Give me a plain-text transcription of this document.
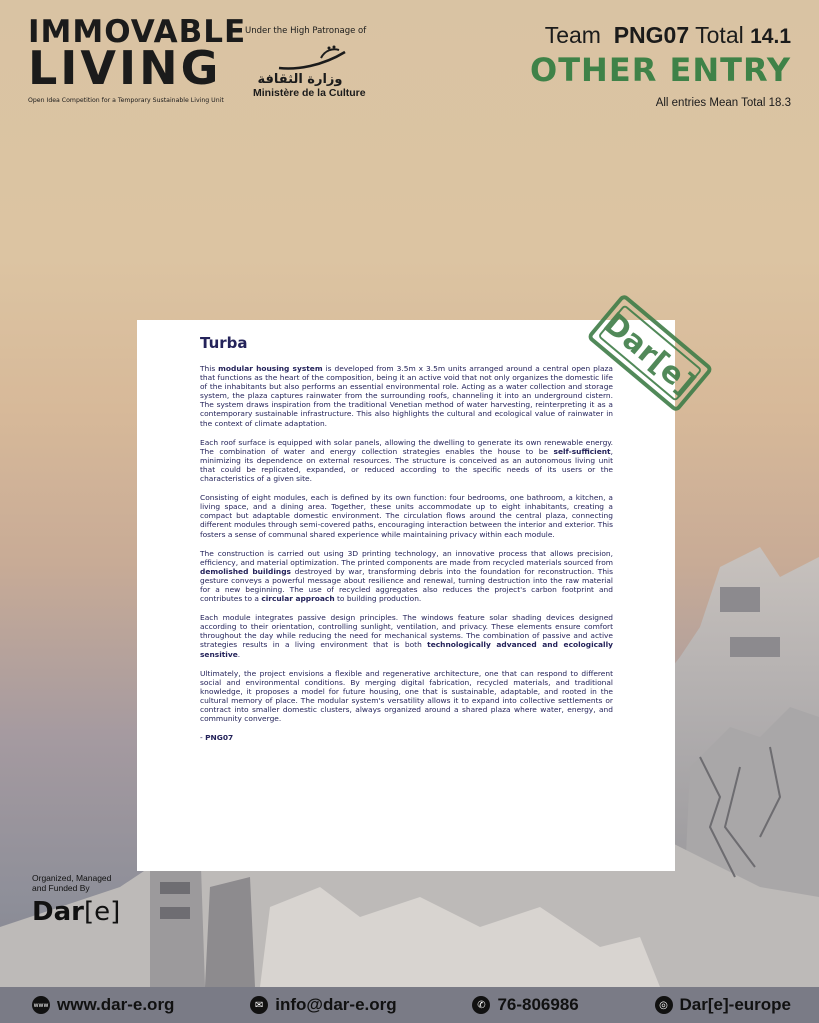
IMMOVABLE
LIVING
Open Idea Competition for a Temporary Sustainable Living Unit
Under the High Patronage of
وزارة الثقافة
Ministère de la Culture
Team PNG07 Total 14.1
OTHER ENTRY
All entries Mean Total 18.3
Turba

This modular housing system is developed from 3.5m x 3.5m units arranged around a central open plaza that functions as the heart of the composition, being it an active void that not only organizes the domestic life of the inhabitants but also performs an essential environmental role. Acting as a water collection and storage system, the plaza captures rainwater from the surrounding roofs, channeling it into an underground cistern. The system draws inspiration from the traditional Venetian method of water harvesting, reinterpreting it as a contemporary sustainable infrastructure. This also highlights the cultural and ecological value of rainwater in the context of climate adaptation.

Each roof surface is equipped with solar panels, allowing the dwelling to generate its own renewable energy. The combination of water and energy collection strategies enables the house to be self-sufficient, minimizing its dependence on external resources. The structure is conceived as an autonomous living unit that could be replicated, expanded, or reduced according to the specific needs of its users or the characteristics of a given site.

Consisting of eight modules, each is defined by its own function: four bedrooms, one bathroom, a kitchen, a living space, and a dining area. Together, these units accommodate up to eight inhabitants, creating a compact but adaptable domestic environment. The circulation flows around the central plaza, connecting different modules through semi-covered paths, encouraging interaction between the interior and exterior. This fosters a sense of communal shared experience while maintaining privacy within each module.

The construction is carried out using 3D printing technology, an innovative process that allows precision, efficiency, and material optimization. The printed components are made from recycled materials sourced from demolished buildings destroyed by war, transforming debris into the foundation for reconstruction. This gesture conveys a powerful message about resilience and renewal, turning destruction into the raw material for a new beginning. The use of recycled aggregates also reduces the project's carbon footprint and contributes to a circular approach to building production.

Each module integrates passive design principles. The windows feature solar shading devices designed according to their orientation, controlling sunlight, ventilation, and privacy. These elements ensure comfort throughout the day while reducing the need for mechanical systems. The combination of passive and active strategies results in a living environment that is both technologically advanced and ecologically sensitive.

Ultimately, the project envisions a flexible and regenerative architecture, one that can respond to different social and environmental conditions. By merging digital fabrication, recycled materials, and traditional knowledge, it proposes a model for future housing, one that is sustainable, adaptable, and rooted in the cultural memory of place. The modular system's versatility allows it to expand into collective settlements or contract into smaller domestic clusters, always organized around a shared plaza where water, energy, and community converge.

- PNG07

Dar[e]
Organized, Managed and Funded By
Dar[e]
www www.dar-e.org	✉ info@dar-e.org	✆ 76-806986	◎ Dar[e]-europe
